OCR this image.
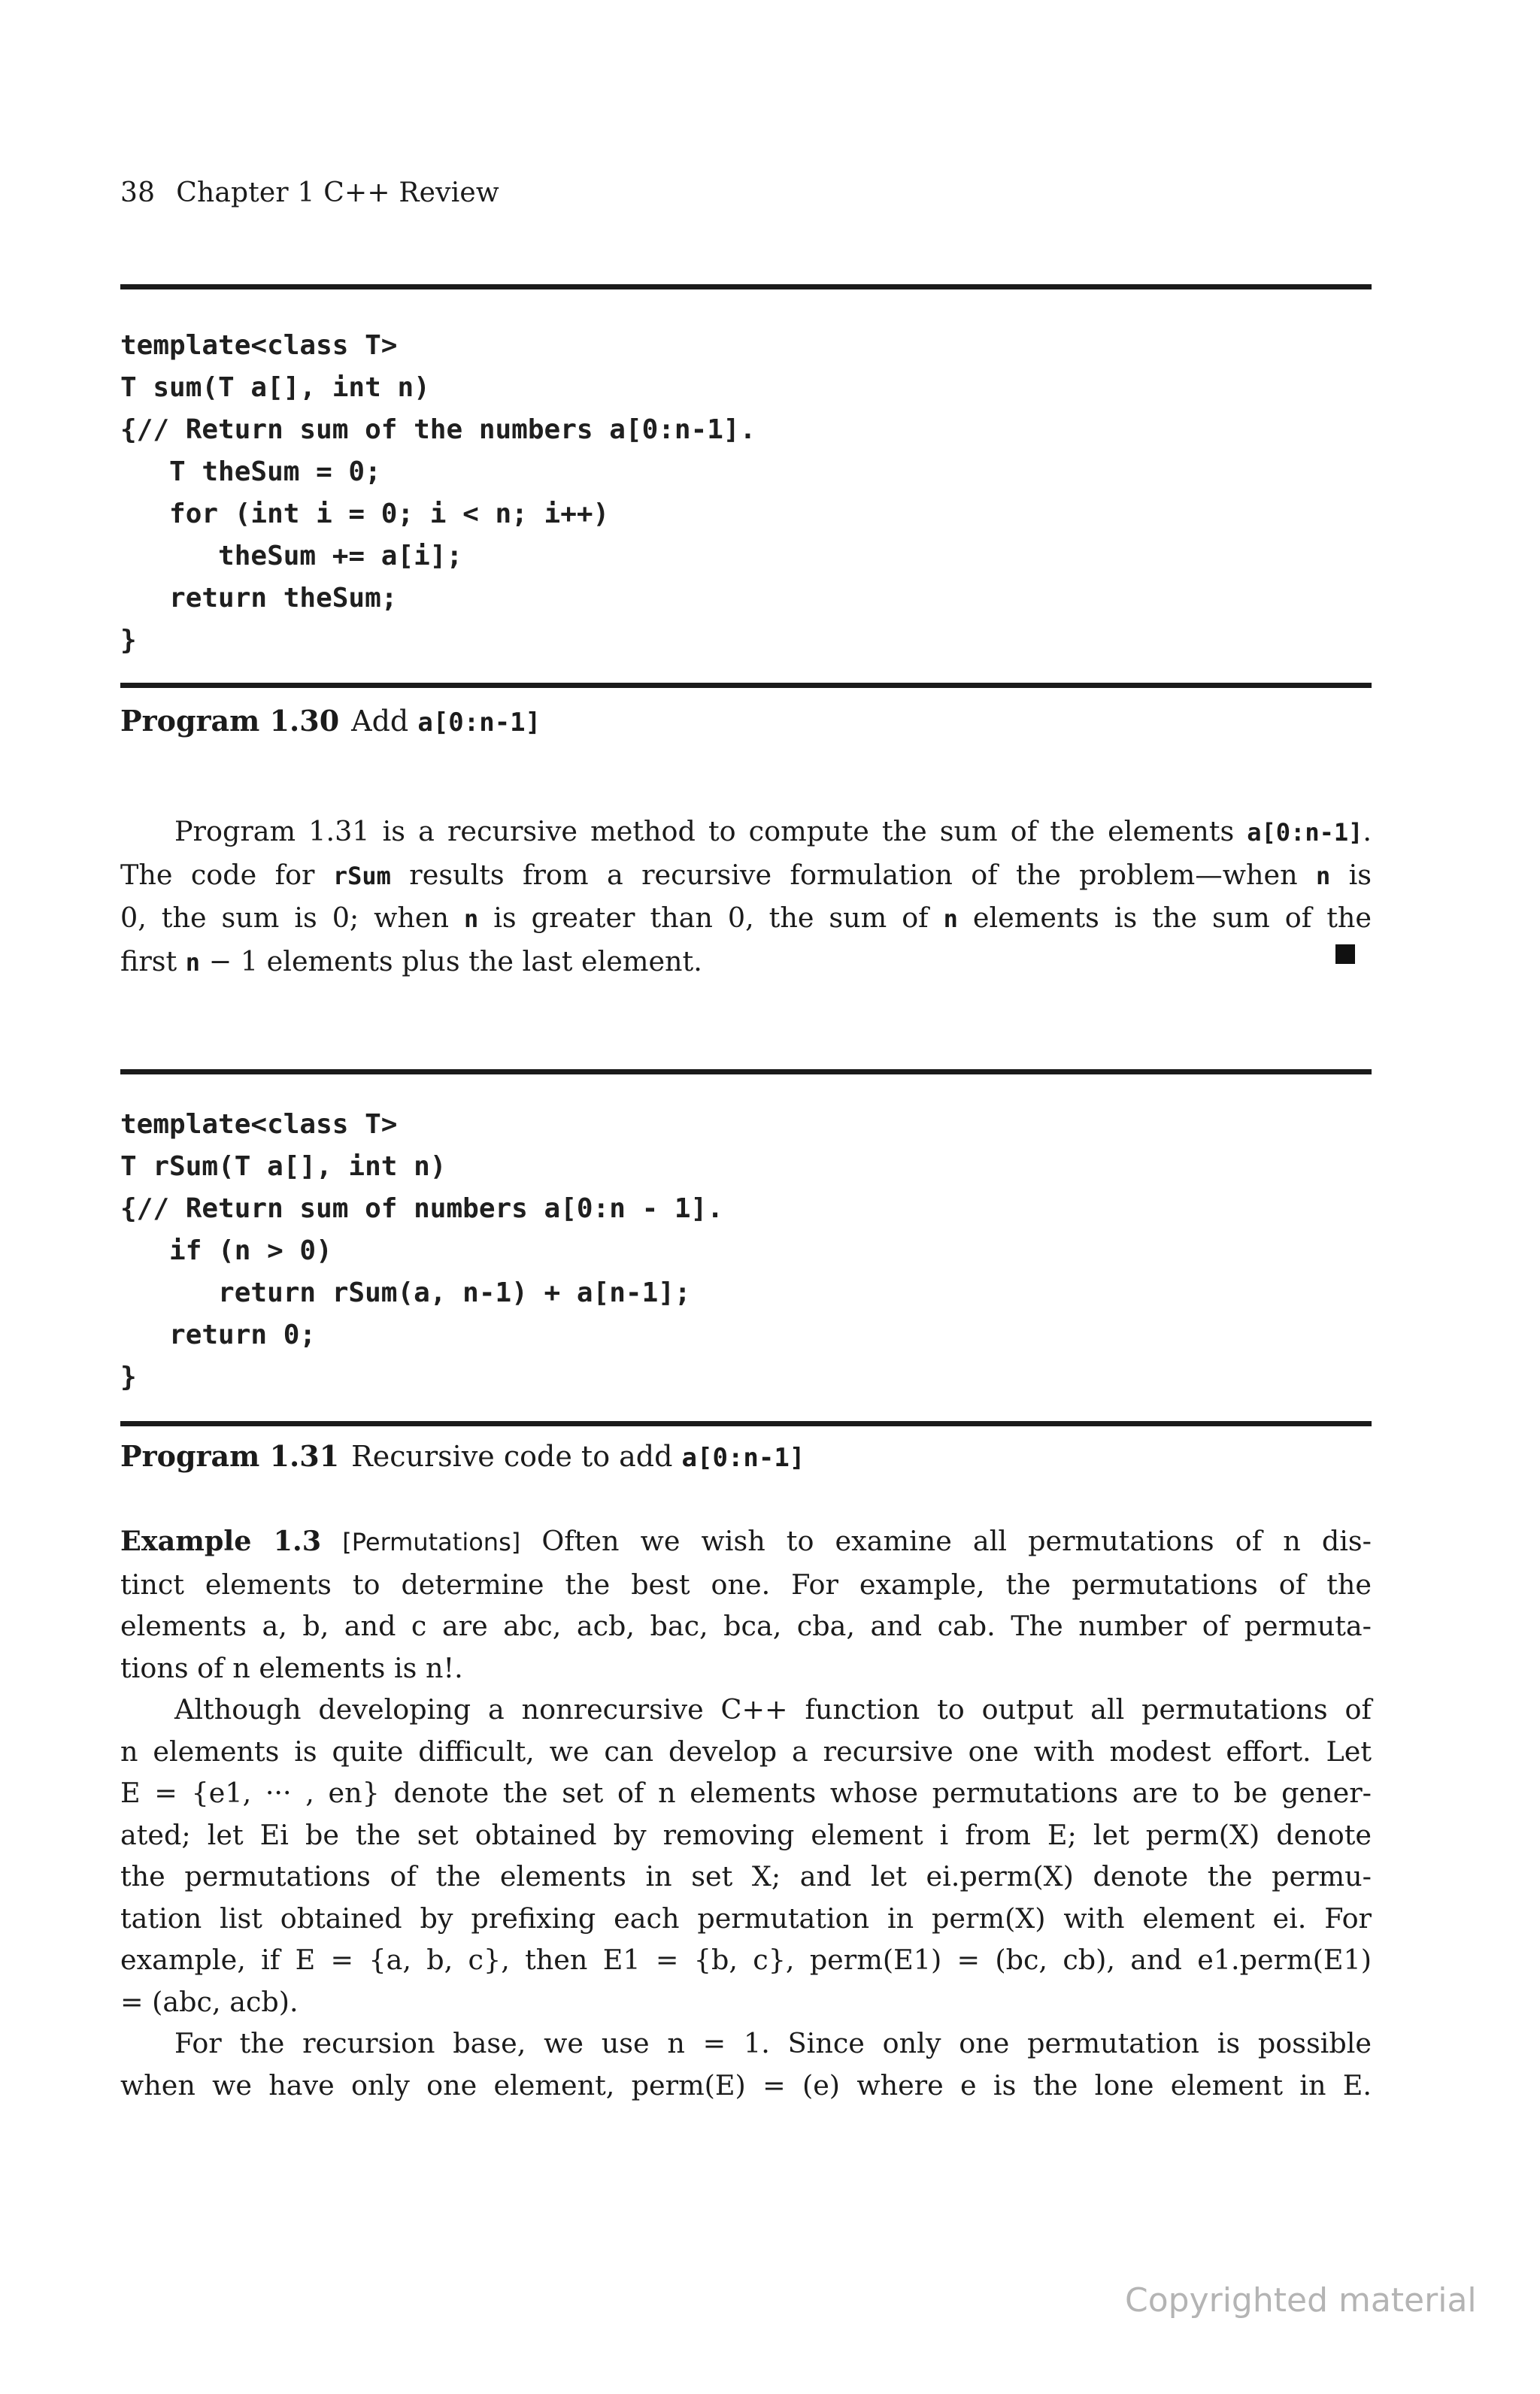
38 Chapter 1 C++ Review
template<class T>
T sum(T a[], int n)
{// Return sum of the numbers a[0:n-1].
T theSum = 0;
for (int i = 0; i < n; i++)
theSum += a[i];
return theSum;
}
Program 1.30 Add a[0:n-1]
Program 1.31 is a recursive method to compute the sum of the elements a[0:n-1].
The code for rSum results from a recursive formulation of the problem—when n is
0, the sum is 0; when n is greater than 0, the sum of n elements is the sum of the
first n − 1 elements plus the last element.
template<class T>
T rSum(T a[], int n)
{// Return sum of numbers a[0:n - 1].
if (n > 0)
return rSum(a, n-1) + a[n-1];
return 0;
}
Program 1.31 Recursive code to add a[0:n-1]
Example 1.3 [Permutations] Often we wish to examine all permutations of n dis-
tinct elements to determine the best one. For example, the permutations of the
elements a, b, and c are abc, acb, bac, bca, cba, and cab. The number of permuta-
tions of n elements is n!.
Although developing a nonrecursive C++ function to output all permutations of
n elements is quite difficult, we can develop a recursive one with modest effort. Let
E = {e1, ··· , en} denote the set of n elements whose permutations are to be gener-
ated; let Ei be the set obtained by removing element i from E; let perm(X) denote
the permutations of the elements in set X; and let ei.perm(X) denote the permu-
tation list obtained by prefixing each permutation in perm(X) with element ei. For
example, if E = {a, b, c}, then E1 = {b, c}, perm(E1) = (bc, cb), and e1.perm(E1)
= (abc, acb).
For the recursion base, we use n = 1. Since only one permutation is possible
when we have only one element, perm(E) = (e) where e is the lone element in E.
Copyrighted material
